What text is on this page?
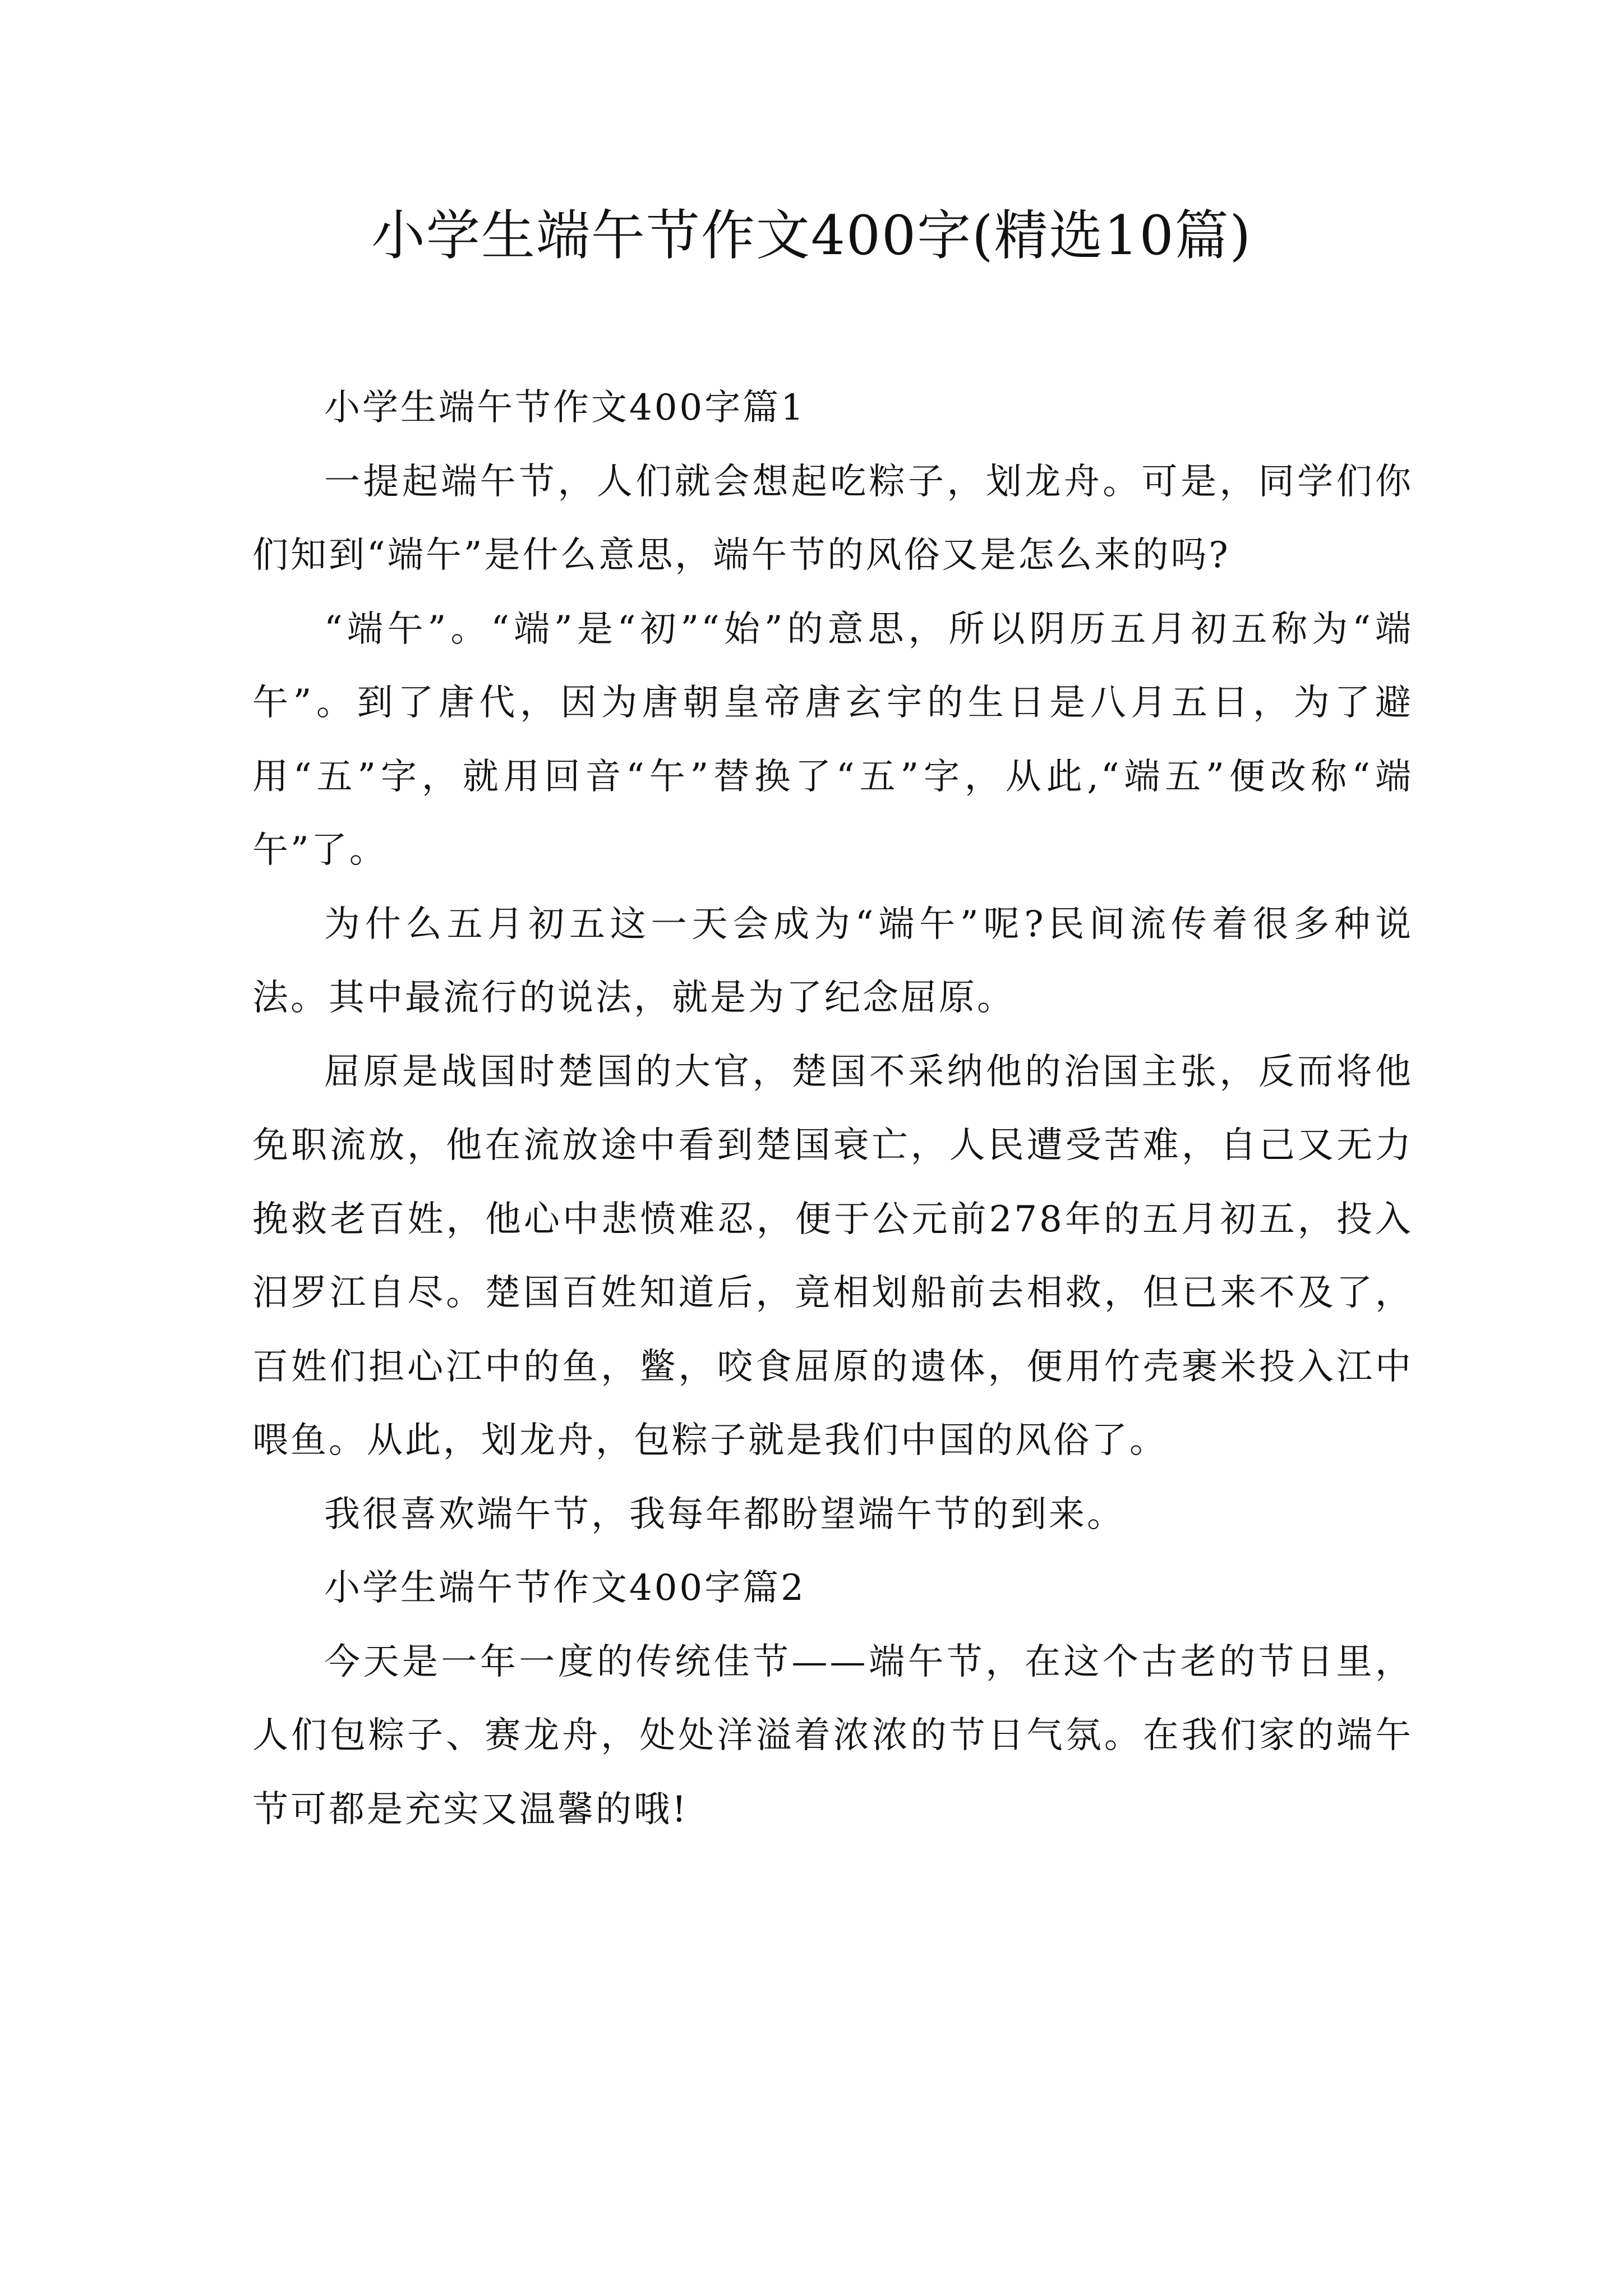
小学生端午节作文400字(精选10篇)

小学生端午节作文400字篇1

一提起端午节，人们就会想起吃粽子，划龙舟。可是，同学们你们知到“端午”是什么意思，端午节的风俗又是怎么来的吗?

“端午”。“端”是“初”“始”的意思，所以阴历五月初五称为“端午”。到了唐代，因为唐朝皇帝唐玄宇的生日是八月五日，为了避用“五”字，就用回音“午”替换了“五”字，从此,“端五”便改称“端午”了。

为什么五月初五这一天会成为“端午”呢?民间流传着很多种说法。其中最流行的说法，就是为了纪念屈原。

屈原是战国时楚国的大官，楚国不采纳他的治国主张，反而将他免职流放，他在流放途中看到楚国衰亡，人民遭受苦难，自己又无力挽救老百姓，他心中悲愤难忍，便于公元前278年的五月初五，投入汨罗江自尽。楚国百姓知道后，竟相划船前去相救，但已来不及了，百姓们担心江中的鱼，鳖，咬食屈原的遗体，便用竹壳裹米投入江中喂鱼。从此，划龙舟，包粽子就是我们中国的风俗了。

我很喜欢端午节，我每年都盼望端午节的到来。

小学生端午节作文400字篇2

今天是一年一度的传统佳节——端午节，在这个古老的节日里，人们包粽子、赛龙舟，处处洋溢着浓浓的节日气氛。在我们家的端午节可都是充实又温馨的哦!
